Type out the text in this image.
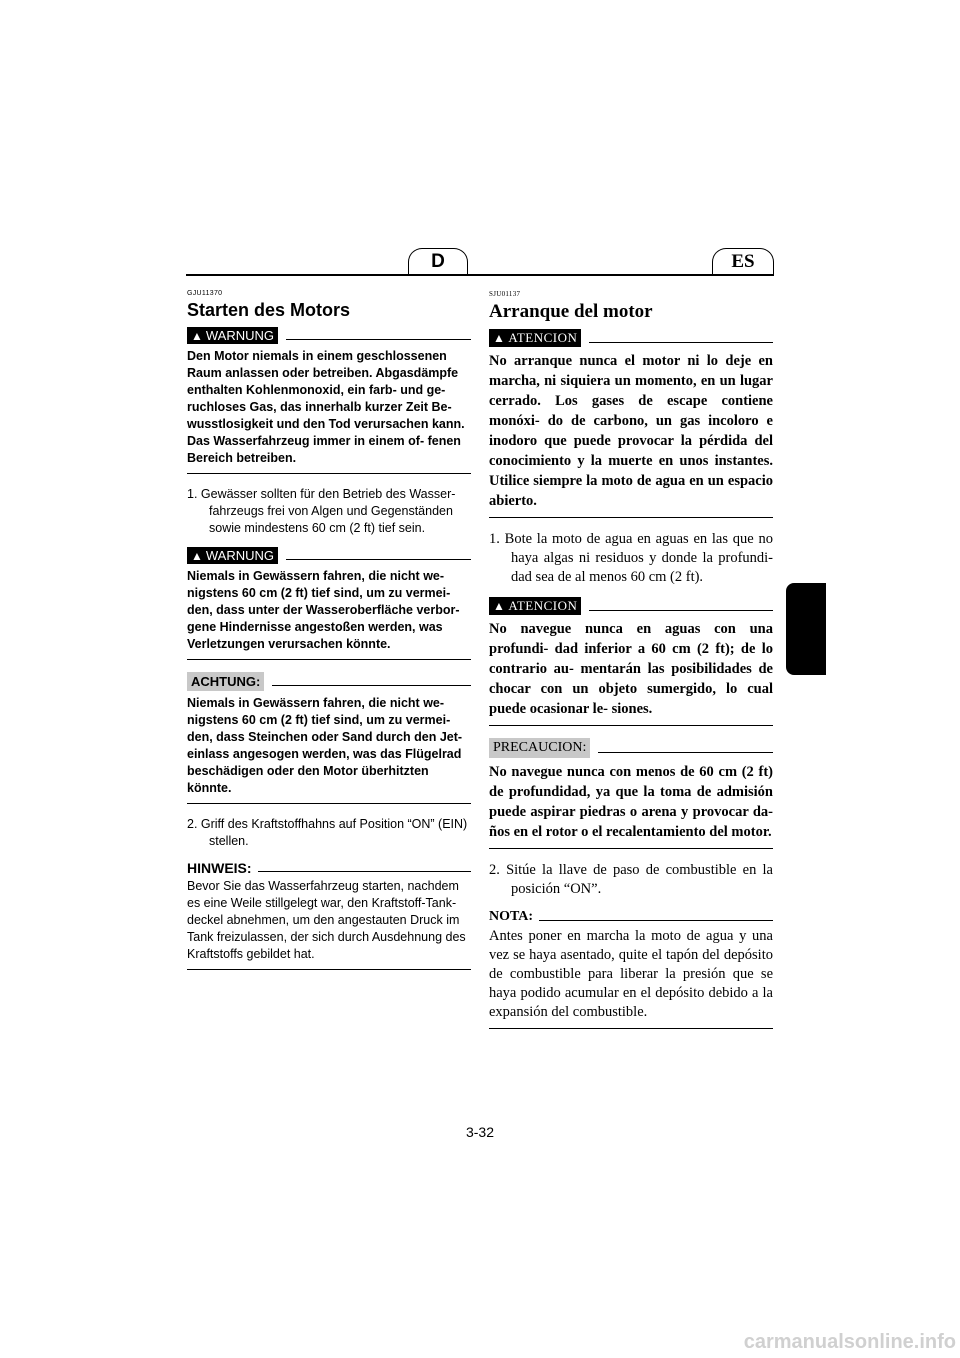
D	ES
GJU11370
Starten des Motors
▲ WARNUNG
Den Motor niemals in einem geschlossenen Raum anlassen oder betreiben. Abgasdämpfe enthalten Kohlenmonoxid, ein farb- und ge- ruchloses Gas, das innerhalb kurzer Zeit Be- wusstlosigkeit und den Tod verursachen kann. Das Wasserfahrzeug immer in einem of- fenen Bereich betreiben.
1. Gewässer sollten für den Betrieb des Wasser- fahrzeugs frei von Algen und Gegenständen sowie mindestens 60 cm (2 ft) tief sein.
▲ WARNUNG
Niemals in Gewässern fahren, die nicht we- nigstens 60 cm (2 ft) tief sind, um zu vermei- den, dass unter der Wasseroberfläche verbor- gene Hindernisse angestoßen werden, was Verletzungen verursachen könnte.
ACHTUNG:
Niemals in Gewässern fahren, die nicht we- nigstens 60 cm (2 ft) tief sind, um zu vermei- den, dass Steinchen oder Sand durch den Jet- einlass angesogen werden, was das Flügelrad beschädigen oder den Motor überhitzten könnte.
2. Griff des Kraftstoffhahns auf Position “ON” (EIN) stellen.
HINWEIS:
Bevor Sie das Wasserfahrzeug starten, nachdem es eine Weile stillgelegt war, den Kraftstoff-Tank- deckel abnehmen, um den angestauten Druck im Tank freizulassen, der sich durch Ausdehnung des Kraftstoffs gebildet hat.
SJU01137
Arranque del motor
▲ ATENCION
No arranque nunca el motor ni lo deje en marcha, ni siquiera un momento, en un lugar cerrado. Los gases de escape contiene monóxi- do de carbono, un gas incoloro e inodoro que puede provocar la pérdida del conocimiento y la muerte en unos instantes. Utilice siempre la moto de agua en un espacio abierto.
1. Bote la moto de agua en aguas en las que no haya algas ni residuos y donde la profundi- dad sea de al menos 60 cm (2 ft).
▲ ATENCION
No navegue nunca en aguas con una profundi- dad inferior a 60 cm (2 ft); de lo contrario au- mentarán las posibilidades de chocar con un objeto sumergido, lo cual puede ocasionar le- siones.
PRECAUCION:
No navegue nunca con menos de 60 cm (2 ft) de profundidad, ya que la toma de admisión puede aspirar piedras o arena y provocar da- ños en el rotor o el recalentamiento del motor.
2. Sitúe la llave de paso de combustible en la posición “ON”.
NOTA:
Antes poner en marcha la moto de agua y una vez se haya asentado, quite el tapón del depósito de combustible para liberar la presión que se haya podido acumular en el depósito debido a la expansión del combustible.
3-32
carmanualsonline.info
